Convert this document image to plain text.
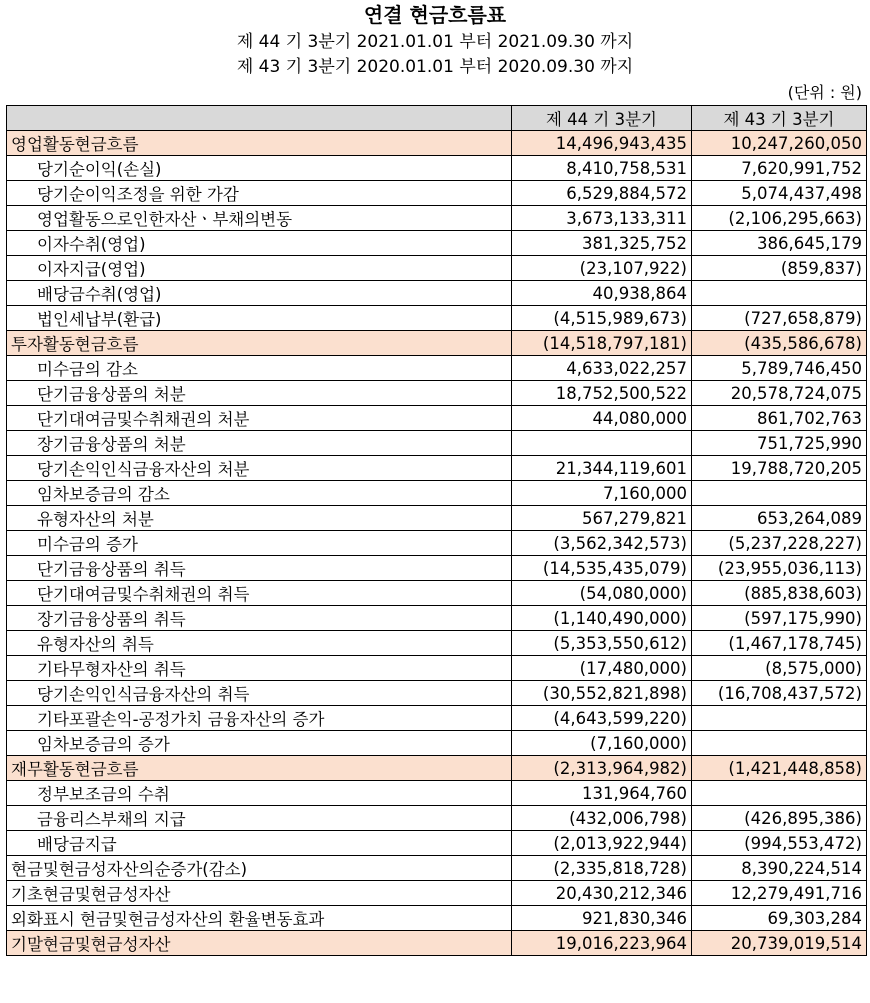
연결 현금흐름표
제 44 기 3분기 2021.01.01 부터 2021.09.30 까지
제 43 기 3분기 2020.01.01 부터 2020.09.30 까지
(단위 : 원)
	제 44 기 3분기	제 43 기 3분기
영업활동현금흐름	14,496,943,435	10,247,260,050
당기순이익(손실)	8,410,758,531	7,620,991,752
당기순이익조정을 위한 가감	6,529,884,572	5,074,437,498
영업활동으로인한자산ㆍ부채의변동	3,673,133,311	(2,106,295,663)
이자수취(영업)	381,325,752	386,645,179
이자지급(영업)	(23,107,922)	(859,837)
배당금수취(영업)	40,938,864	
법인세납부(환급)	(4,515,989,673)	(727,658,879)
투자활동현금흐름	(14,518,797,181)	(435,586,678)
미수금의 감소	4,633,022,257	5,789,746,450
단기금융상품의 처분	18,752,500,522	20,578,724,075
단기대여금및수취채권의 처분	44,080,000	861,702,763
장기금융상품의 처분		751,725,990
당기손익인식금융자산의 처분	21,344,119,601	19,788,720,205
임차보증금의 감소	7,160,000	
유형자산의 처분	567,279,821	653,264,089
미수금의 증가	(3,562,342,573)	(5,237,228,227)
단기금융상품의 취득	(14,535,435,079)	(23,955,036,113)
단기대여금및수취채권의 취득	(54,080,000)	(885,838,603)
장기금융상품의 취득	(1,140,490,000)	(597,175,990)
유형자산의 취득	(5,353,550,612)	(1,467,178,745)
기타무형자산의 취득	(17,480,000)	(8,575,000)
당기손익인식금융자산의 취득	(30,552,821,898)	(16,708,437,572)
기타포괄손익-공정가치 금융자산의 증가	(4,643,599,220)	
임차보증금의 증가	(7,160,000)	
재무활동현금흐름	(2,313,964,982)	(1,421,448,858)
정부보조금의 수취	131,964,760	
금융리스부채의 지급	(432,006,798)	(426,895,386)
배당금지급	(2,013,922,944)	(994,553,472)
현금및현금성자산의순증가(감소)	(2,335,818,728)	8,390,224,514
기초현금및현금성자산	20,430,212,346	12,279,491,716
외화표시 현금및현금성자산의 환율변동효과	921,830,346	69,303,284
기말현금및현금성자산	19,016,223,964	20,739,019,514
